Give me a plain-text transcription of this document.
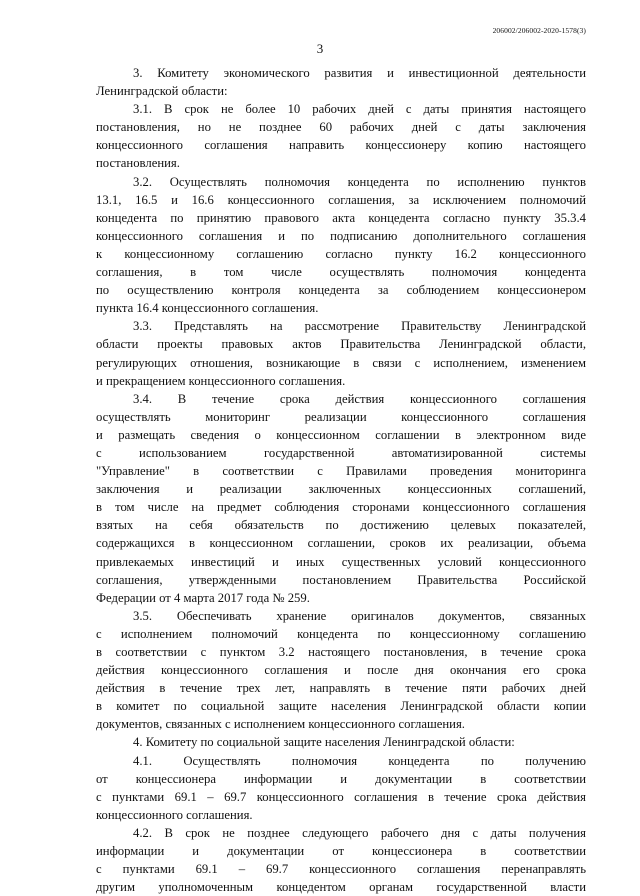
206002/206002-2020-1578(3)
3
3. Комитету экономического развития и инвестиционной деятельности
Ленинградской области:
3.1. В срок не более 10 рабочих дней с даты принятия настоящего
постановления, но не позднее 60 рабочих дней с даты заключения
концессионного соглашения направить концессионеру копию настоящего
постановления.
3.2. Осуществлять полномочия концедента по исполнению пунктов
13.1, 16.5 и 16.6 концессионного соглашения, за исключением полномочий
концедента по принятию правового акта концедента согласно пункту 35.3.4
концессионного соглашения и по подписанию дополнительного соглашения
к концессионному соглашению согласно пункту 16.2 концессионного
соглашения, в том числе осуществлять полномочия концедента
по осуществлению контроля концедента за соблюдением концессионером
пункта 16.4 концессионного соглашения.
3.3. Представлять на рассмотрение Правительству Ленинградской
области проекты правовых актов Правительства Ленинградской области,
регулирующих отношения, возникающие в связи с исполнением, изменением
и прекращением концессионного соглашения.
3.4. В течение срока действия концессионного соглашения
осуществлять мониторинг реализации концессионного соглашения
и размещать сведения о концессионном соглашении в электронном виде
с использованием государственной автоматизированной системы
"Управление" в соответствии с Правилами проведения мониторинга
заключения и реализации заключенных концессионных соглашений,
в том числе на предмет соблюдения сторонами концессионного соглашения
взятых на себя обязательств по достижению целевых показателей,
содержащихся в концессионном соглашении, сроков их реализации, объема
привлекаемых инвестиций и иных существенных условий концессионного
соглашения, утвержденными постановлением Правительства Российской
Федерации от 4 марта 2017 года № 259.
3.5. Обеспечивать хранение оригиналов документов, связанных
с исполнением полномочий концедента по концессионному соглашению
в соответствии с пунктом 3.2 настоящего постановления, в течение срока
действия концессионного соглашения и после дня окончания его срока
действия в течение трех лет, направлять в течение пяти рабочих дней
в комитет по социальной защите населения Ленинградской области копии
документов, связанных с исполнением концессионного соглашения.
4. Комитету по социальной защите населения Ленинградской области:
4.1. Осуществлять полномочия концедента по получению
от концессионера информации и документации в соответствии
с пунктами 69.1 – 69.7 концессионного соглашения в течение срока действия
концессионного соглашения.
4.2. В срок не позднее следующего рабочего дня с даты получения
информации и документации от концессионера в соответствии
с пунктами 69.1 – 69.7 концессионного соглашения перенаправлять
другим уполномоченным концедентом органам государственной власти
